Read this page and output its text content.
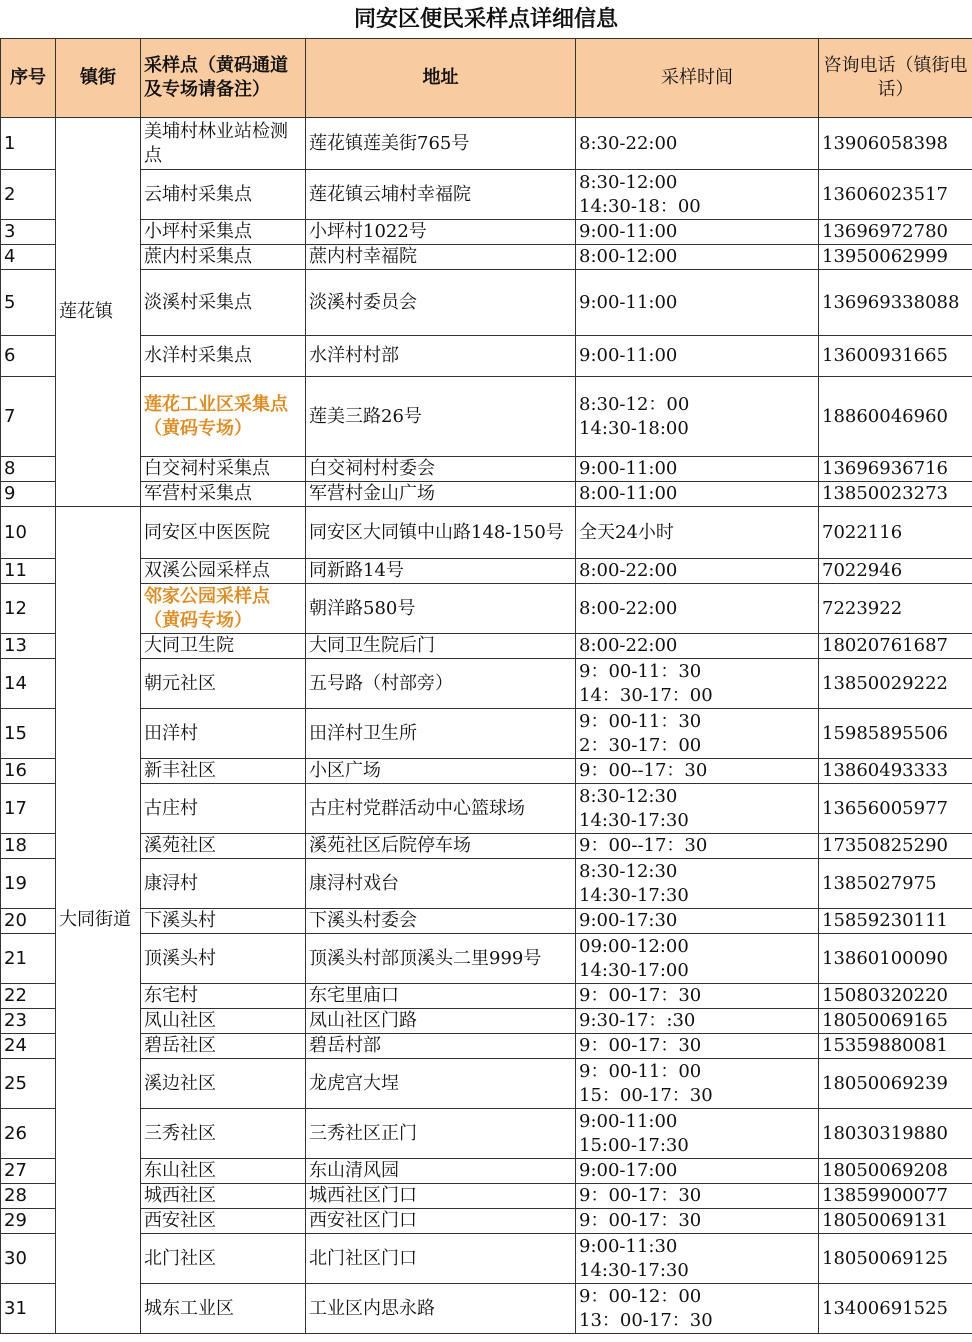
同安区便民采样点详细信息
序号	镇街	采样点（黄码通道及专场请备注）	地址	采样时间	咨询电话（镇街电话）
1	莲花镇	美埔村林业站检测点	莲花镇莲美街765号	8:30-22:00	13906058398
2		云埔村采集点	莲花镇云埔村幸福院	8:30-12:00
14:30-18：00	13606023517
3		小坪村采集点	小坪村1022号	9:00-11:00	13696972780
4		蔗内村采集点	蔗内村幸福院	8:00-12:00	13950062999
5		淡溪村采集点	淡溪村委员会	9:00-11:00	136969338088
6		水洋村采集点	水洋村村部	9:00-11:00	13600931665
7		莲花工业区采集点（黄码专场）	莲美三路26号	8:30-12：00
14:30-18:00	18860046960
8		白交祠村采集点	白交祠村村委会	9:00-11:00	13696936716
9		军营村采集点	军营村金山广场	8:00-11:00	13850023273
10	大同街道	同安区中医医院	同安区大同镇中山路148-150号	全天24小时	7022116
11		双溪公园采样点	同新路14号	8:00-22:00	7022946
12		邻家公园采样点（黄码专场）	朝洋路580号	8:00-22:00	7223922
13		大同卫生院	大同卫生院后门	8:00-22:00	18020761687
14		朝元社区	五号路（村部旁）	9：00-11：30
14：30-17：00	13850029222
15		田洋村	田洋村卫生所	9：00-11：30
2：30-17：00	15985895506
16		新丰社区	小区广场	9：00--17：30	13860493333
17		古庄村	古庄村党群活动中心篮球场	8:30-12:30
14:30-17:30	13656005977
18		溪苑社区	溪苑社区后院停车场	9：00--17：30	17350825290
19		康浔村	康浔村戏台	8:30-12:30
14:30-17:30	1385027975
20		下溪头村	下溪头村委会	9:00-17:30	15859230111
21		顶溪头村	顶溪头村部顶溪头二里999号	09:00-12:00
14:30-17:00	13860100090
22		东宅村	东宅里庙口	9：00-17：30	15080320220
23		凤山社区	凤山社区门路	9:30-17：:30	18050069165
24		碧岳社区	碧岳村部	9：00-17：30	15359880081
25		溪边社区	龙虎宫大埕	9：00-11：00
15：00-17：30	18050069239
26		三秀社区	三秀社区正门	9:00-11:00
15:00-17:30	18030319880
27		东山社区	东山清风园	9:00-17:00	18050069208
28		城西社区	城西社区门口	9：00-17：30	13859900077
29		西安社区	西安社区门口	9：00-17：30	18050069131
30		北门社区	北门社区门口	9:00-11:30
14:30-17:30	18050069125
31		城东工业区	工业区内思永路	9：00-12：00
13：00-17：30	13400691525
